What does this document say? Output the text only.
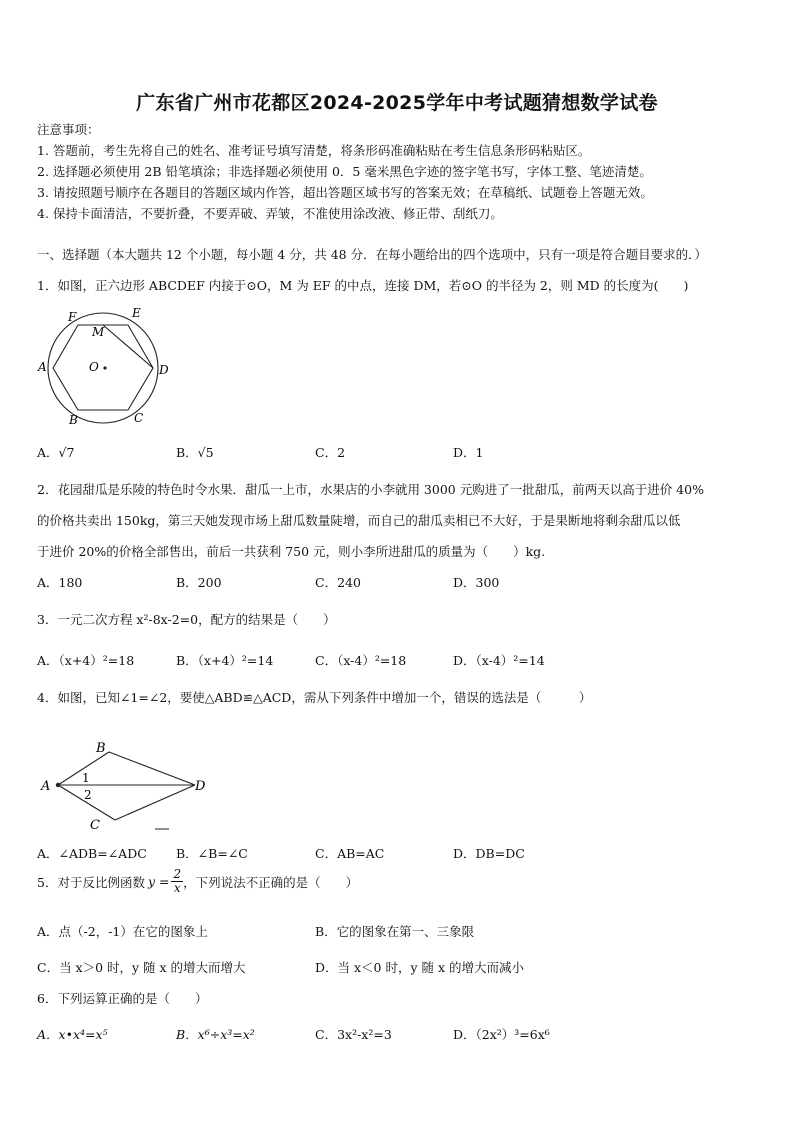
广东省广州市花都区2024-2025学年中考试题猜想数学试卷
注意事项：
1. 答题前，考生先将自己的姓名、准考证号填写清楚，将条形码准确粘贴在考生信息条形码粘贴区。
2. 选择题必须使用 2B 铅笔填涂；非选择题必须使用 0．5 毫米黑色字迹的签字笔书写，字体工整、笔迹清楚。
3. 请按照题号顺序在各题目的答题区域内作答，超出答题区域书写的答案无效；在草稿纸、试题卷上答题无效。
4. 保持卡面清洁，不要折叠，不要弄破、弄皱，不准使用涂改液、修正带、刮纸刀。
一、选择题（本大题共 12 个小题，每小题 4 分，共 48 分．在每小题给出的四个选项中，只有一项是符合题目要求的．）
1．如图，正六边形 ABCDEF 内接于⊙O，M 为 EF 的中点，连接 DM，若⊙O 的半径为 2，则 MD 的长度为(　　)
F	E
M
A	O	D
B	C
A．√7	B．√5	C．2	D．1
2．花园甜瓜是乐陵的特色时令水果．甜瓜一上市，水果店的小李就用 3000 元购进了一批甜瓜，前两天以高于进价 40%
的价格共卖出 150kg，第三天她发现市场上甜瓜数量陡增，而自己的甜瓜卖相已不大好，于是果断地将剩余甜瓜以低
于进价 20%的价格全部售出，前后一共获利 750 元，则小李所进甜瓜的质量为（　　）kg.
A．180	B．200	C．240	D．300
3．一元二次方程 x²-8x-2=0，配方的结果是（　　）
A．（x+4）²=18	B．（x+4）²=14	C．（x-4）²=18	D．（x-4）²=14
4．如图，已知∠1=∠2，要使△ABD≌△ACD，需从下列条件中增加一个，错误的选法是（　　　）
B
A
1
2
D
C
A．∠ADB=∠ADC B．∠B=∠C	C．AB=AC	D．DB=DC
5．对于反比例函数 $y = \frac{2}{x}$ ，下列说法不正确的是（　　）
A．点（-2，-1）在它的图象上	B．它的图象在第一、三象限
C．当 x＞0 时，y 随 x 的增大而增大	D．当 x＜0 时，y 随 x 的增大而减小
6．下列运算正确的是（　　）
A．x•x⁴=x⁵	B．x⁶÷x³=x²	C．3x²-x²=3	D．（2x²）³=6x⁶
